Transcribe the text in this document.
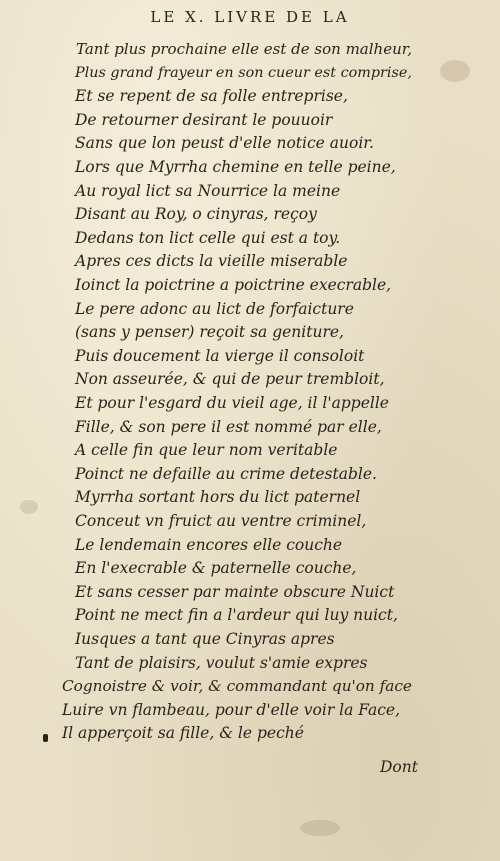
LE X. LIVRE DE LA
Tant plus prochaine elle est de son malheur,
Plus grand frayeur en son cueur est comprise,
Et se repent de sa folle entreprise,
De retourner desirant le pouuoir
Sans que lon peust d'elle notice auoir.
Lors que Myrrha chemine en telle peine,
Au royal lict sa Nourrice la meine
Disant au Roy, o cinyras, reçoy
Dedans ton lict celle qui est a toy.
Apres ces dicts la vieille miserable
Ioinct la poictrine a poictrine execrable,
Le pere adonc au lict de forfaicture
(sans y penser) reçoit sa geniture,
Puis doucement la vierge il consoloit
Non asseurée, & qui de peur trembloit,
Et pour l'esgard du vieil age, il l'appelle
Fille, & son pere il est nommé par elle,
A celle fin que leur nom veritable
Poinct ne defaille au crime detestable.
Myrrha sortant hors du lict paternel
Conceut vn fruict au ventre criminel,
Le lendemain encores elle couche
En l'execrable & paternelle couche,
Et sans cesser par mainte obscure Nuict
Point ne mect fin a l'ardeur qui luy nuict,
Iusques a tant que Cinyras apres
Tant de plaisirs, voulut s'amie expres
Cognoistre & voir, & commandant qu'on face
Luire vn flambeau, pour d'elle voir la Face,
Il apperçoit sa fille, & le peché
Dont
